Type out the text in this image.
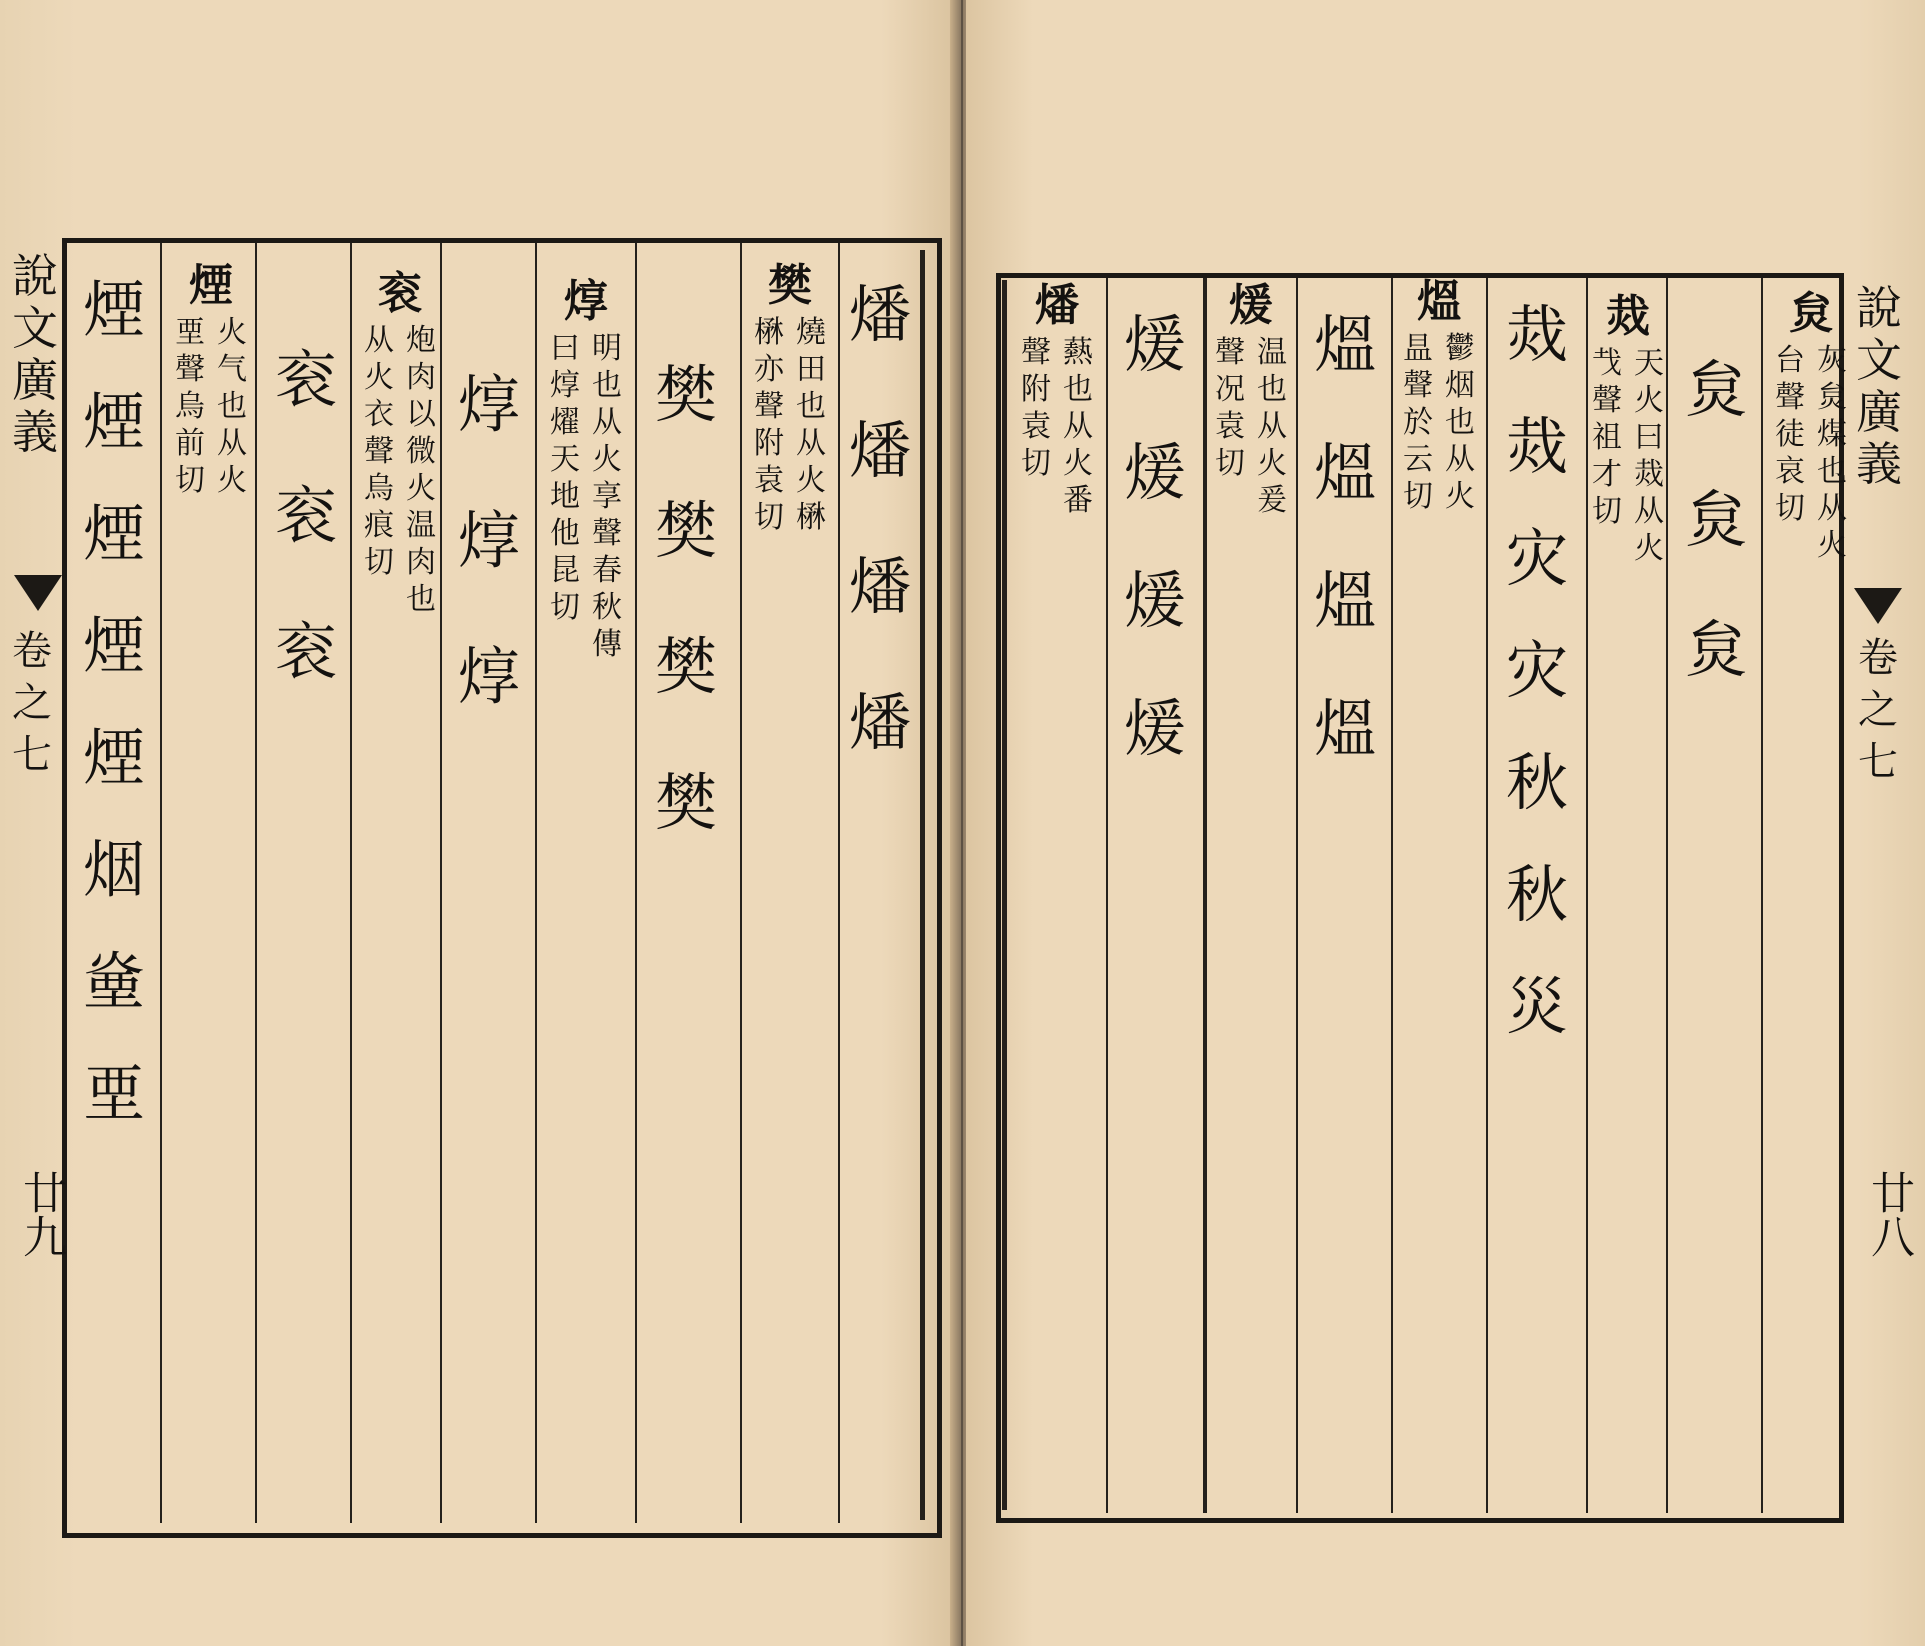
說
文
廣
義
卷
之
七
廿九
燔
燔
燔
燔
樊
燒
田
也
从
火
楙
楙
亦
聲
附
袁
切
樊
樊
樊
樊
焞
明
也
从
火
享
聲
春
秋
傳
曰
焞
燿
天
地
他
昆
切
焞
焞
焞
衮
炮
肉
以
微
火
温
肉
也
从
火
衣
聲
烏
痕
切
衮
衮
衮
煙
火
气
也
从
火
垔
聲
烏
前
切
煙
煙
煙
煙
煙
烟
㷑
垔
說
文
廣
義
卷
之
七
廿八
炱
灰
炱
煤
也
从
火
台
聲
徒
哀
切
炱
炱
炱
烖
天
火
曰
烖
从
火
𢦏
聲
祖
才
切
烖
烖
灾
灾
秋
秋
災
熅
鬱
烟
也
从
火
昷
聲
於
云
切
熅
熅
熅
熅
煖
温
也
从
火
爰
聲
况
袁
切
煖
煖
煖
煖
燔
爇
也
从
火
番
聲
附
袁
切
